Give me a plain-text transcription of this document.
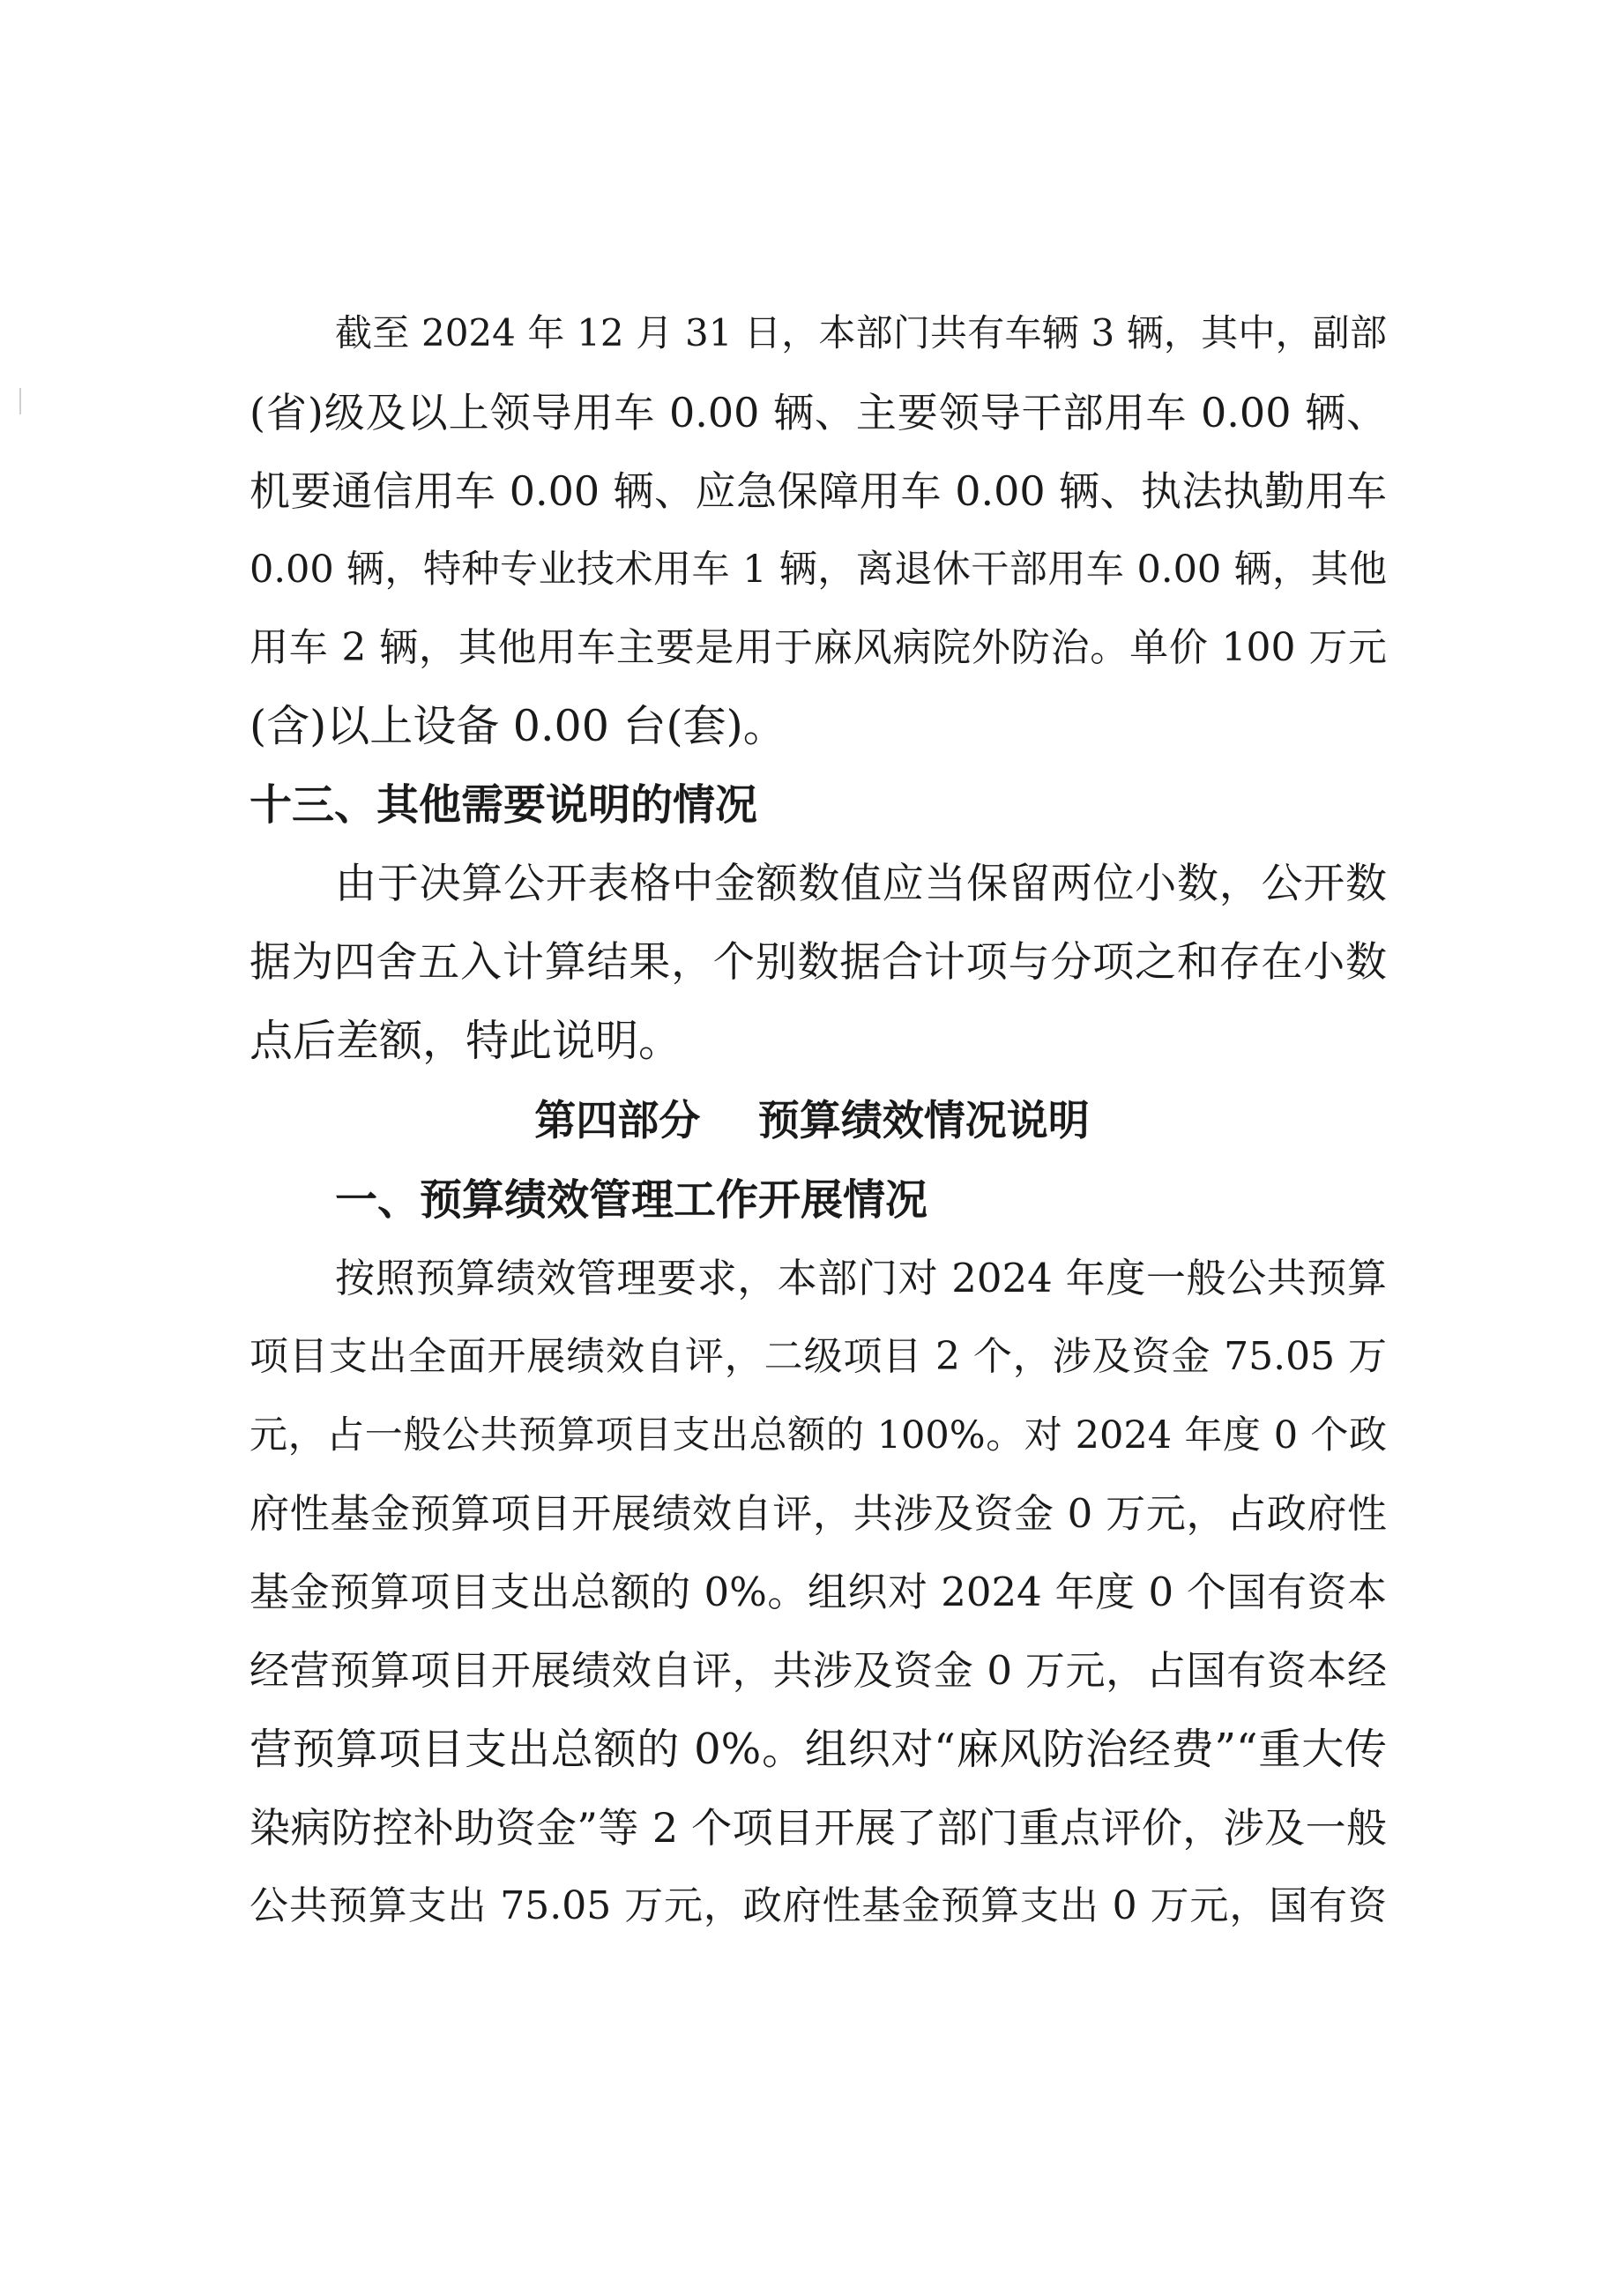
截至 2024 年 12 月 31 日，本部门共有车辆 3 辆，其中，副部
(省)级及以上领导用车 0.00 辆、主要领导干部用车 0.00 辆、
机要通信用车 0.00 辆、应急保障用车 0.00 辆、执法执勤用车
0.00 辆，特种专业技术用车 1 辆，离退休干部用车 0.00 辆，其他
用车 2 辆，其他用车主要是用于麻风病院外防治。单价 100 万元
(含)以上设备 0.00 台(套)。
十三、其他需要说明的情况
由于决算公开表格中金额数值应当保留两位小数，公开数
据为四舍五入计算结果，个别数据合计项与分项之和存在小数
点后差额，特此说明。
第四部分    预算绩效情况说明
一、预算绩效管理工作开展情况
按照预算绩效管理要求，本部门对 2024 年度一般公共预算
项目支出全面开展绩效自评，二级项目 2 个，涉及资金 75.05 万
元，占一般公共预算项目支出总额的 100%。对 2024 年度 0 个政
府性基金预算项目开展绩效自评，共涉及资金 0 万元，占政府性
基金预算项目支出总额的 0%。组织对 2024 年度 0 个国有资本
经营预算项目开展绩效自评，共涉及资金 0 万元，占国有资本经
营预算项目支出总额的 0%。组织对“麻风防治经费”“重大传
染病防控补助资金”等 2 个项目开展了部门重点评价，涉及一般
公共预算支出 75.05 万元，政府性基金预算支出 0 万元，国有资
